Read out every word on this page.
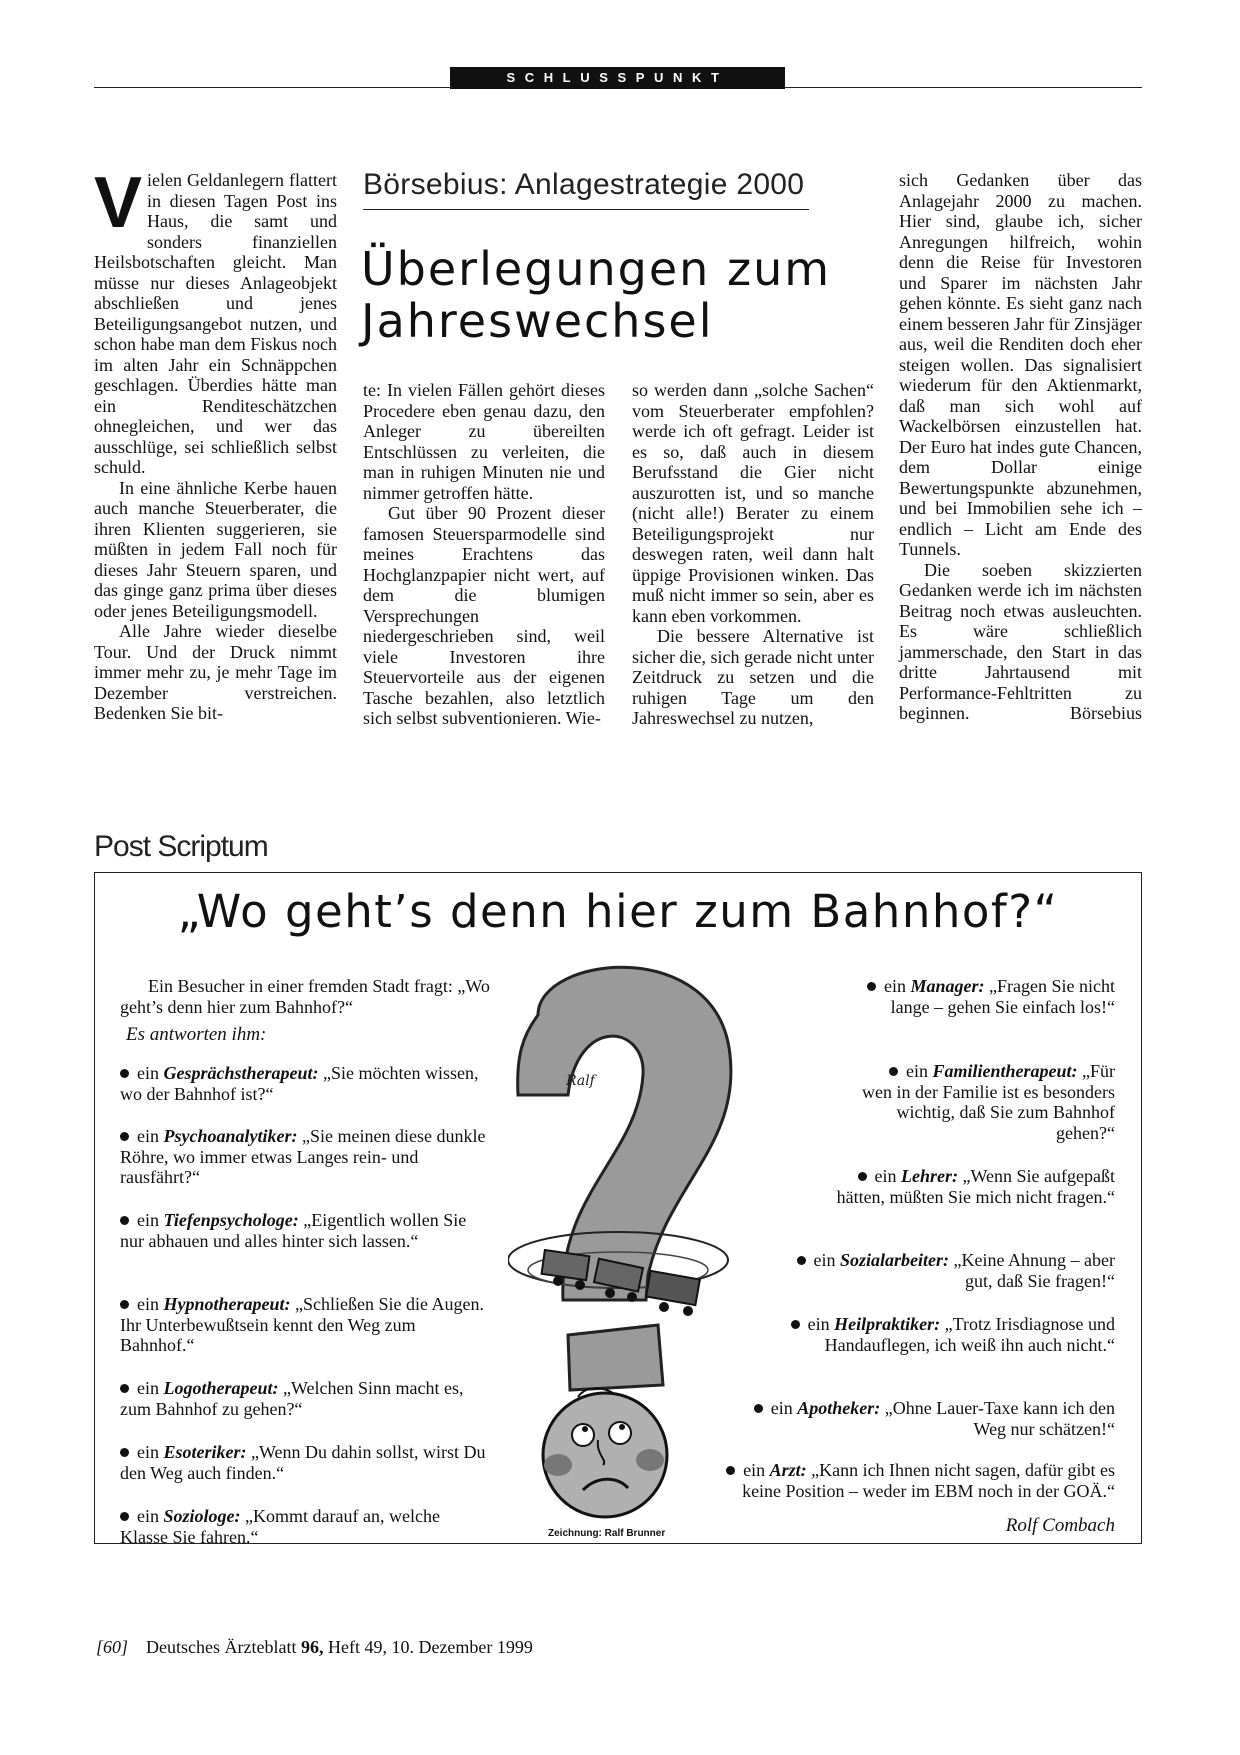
SCHLUSSPUNKT

Vielen Geldanlegern flattert in diesen Tagen Post ins Haus, die samt und sonders finanziellen Heilsbotschaften gleicht. Man müsse nur dieses Anlageobjekt abschließen und jenes Beteiligungsangebot nutzen, und schon habe man dem Fiskus noch im alten Jahr ein Schnäppchen geschlagen. Überdies hätte man ein Renditeschätzchen ohnegleichen, und wer das ausschlüge, sei schließlich selbst schuld.

In eine ähnliche Kerbe hauen auch manche Steuerberater, die ihren Klienten suggerieren, sie müßten in jedem Fall noch für dieses Jahr Steuern sparen, und das ginge ganz prima über dieses oder jenes Beteiligungsmodell.

Alle Jahre wieder dieselbe Tour. Und der Druck nimmt immer mehr zu, je mehr Tage im Dezember verstreichen. Bedenken Sie bit-

Börsebius: Anlagestrategie 2000
Überlegungen zum
Jahreswechsel

te: In vielen Fällen gehört dieses Procedere eben genau dazu, den Anleger zu übereilten Entschlüssen zu verleiten, die man in ruhigen Minuten nie und nimmer getroffen hätte.

Gut über 90 Prozent dieser famosen Steuersparmodelle sind meines Erachtens das Hochglanzpapier nicht wert, auf dem die blumigen Versprechungen niedergeschrieben sind, weil viele Investoren ihre Steuervorteile aus der eigenen Tasche bezahlen, also letztlich sich selbst subventionieren. Wie-

so werden dann „solche Sachen“ vom Steuerberater empfohlen? werde ich oft gefragt. Leider ist es so, daß auch in diesem Berufsstand die Gier nicht auszurotten ist, und so manche (nicht alle!) Berater zu einem Beteiligungsprojekt nur deswegen raten, weil dann halt üppige Provisionen winken. Das muß nicht immer so sein, aber es kann eben vorkommen.

Die bessere Alternative ist sicher die, sich gerade nicht unter Zeitdruck zu setzen und die ruhigen Tage um den Jahreswechsel zu nutzen,

sich Gedanken über das Anlagejahr 2000 zu machen. Hier sind, glaube ich, sicher Anregungen hilfreich, wohin denn die Reise für Investoren und Sparer im nächsten Jahr gehen könnte. Es sieht ganz nach einem besseren Jahr für Zinsjäger aus, weil die Renditen doch eher steigen wollen. Das signalisiert wiederum für den Aktienmarkt, daß man sich wohl auf Wackelbörsen einzustellen hat. Der Euro hat indes gute Chancen, dem Dollar einige Bewertungspunkte abzunehmen, und bei Immobilien sehe ich – endlich – Licht am Ende des Tunnels.

Die soeben skizzierten Gedanken werde ich im nächsten Beitrag noch etwas ausleuchten. Es wäre schließlich jammerschade, den Start in das dritte Jahrtausend mit Performance-Fehltritten zu beginnen.	Börsebius

Post Scriptum
„Wo geht’s denn hier zum Bahnhof?“
Ein Besucher in einer fremden Stadt fragt: „Wo geht’s denn hier zum Bahnhof?“
Es antworten ihm:
ein Gesprächstherapeut: „Sie möchten wissen, wo der Bahnhof ist?“
ein Psychoanalytiker: „Sie meinen diese dunkle Röhre, wo immer etwas Langes rein- und rausfährt?“
ein Tiefenpsychologe: „Eigentlich wollen Sie nur abhauen und alles hinter sich lassen.“
ein Hypnotherapeut: „Schließen Sie die Augen. Ihr Unterbewußtsein kennt den Weg zum Bahnhof.“
ein Logotherapeut: „Welchen Sinn macht es, zum Bahnhof zu gehen?“
ein Esoteriker: „Wenn Du dahin sollst, wirst Du den Weg auch finden.“
ein Soziologe: „Kommt darauf an, welche Klasse Sie fahren.“
ein Manager: „Fragen Sie nicht lange – gehen Sie einfach los!“
ein Familientherapeut: „Für wen in der Familie ist es besonders wichtig, daß Sie zum Bahnhof gehen?“
ein Lehrer: „Wenn Sie aufgepaßt hätten, müßten Sie mich nicht fragen.“
ein Sozialarbeiter: „Keine Ahnung – aber gut, daß Sie fragen!“
ein Heilpraktiker: „Trotz Irisdiagnose und Handauflegen, ich weiß ihn auch nicht.“
ein Apotheker: „Ohne Lauer-Taxe kann ich den Weg nur schätzen!“
ein Arzt: „Kann ich Ihnen nicht sagen, dafür gibt es keine Position – weder im EBM noch in der GOÄ.“
Ralf
Zeichnung: Ralf Brunner	Rolf Combach
[60] Deutsches Ärzteblatt 96, Heft 49, 10. Dezember 1999
